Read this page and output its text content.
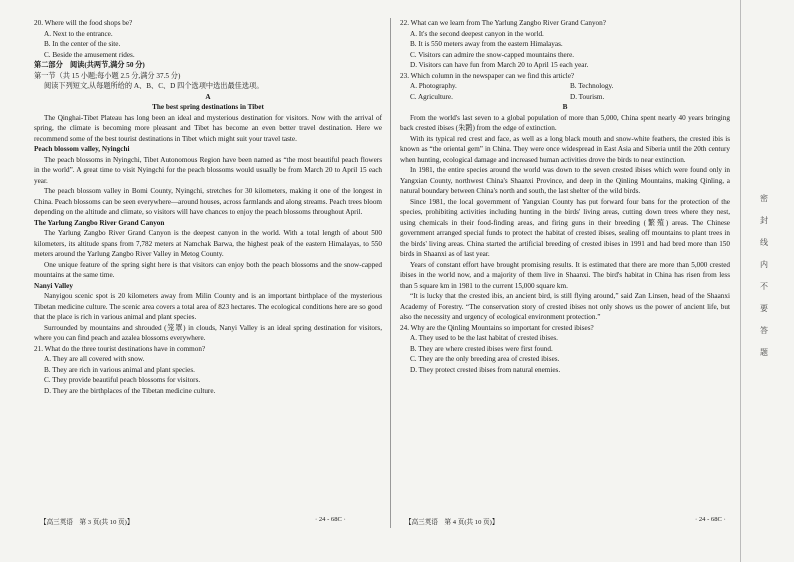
20. Where will the food shops be?

A. Next to the entrance.

B. In the center of the site.

C. Beside the amusement rides.

第二部分　阅读(共两节,满分 50 分)

第一节（共 15 小题;每小题 2.5 分,满分 37.5 分)

阅读下列短文,从每题所给的 A、B、C、D 四个选项中选出最佳选项。

A

The best spring destinations in Tibet

The Qinghai-Tibet Plateau has long been an ideal and mysterious destination for visitors. Now with the arrival of spring, the climate is becoming more pleasant and Tibet has become an even better travel destination. Here we recommend some of the best tourist destinations in Tibet which might suit your travel taste.

Peach blossom valley, Nyingchi

The peach blossoms in Nyingchi, Tibet Autonomous Region have been named as “the most beautiful peach flowers in the world”. A great time to visit Nyingchi for the peach blossoms would usually be from March 20 to April 15 each year.

The peach blossom valley in Bomi County, Nyingchi, stretches for 30 kilometers, making it one of the longest in China. Peach blossoms can be seen everywhere—around houses, across farmlands and along streams. Peach trees bloom depending on the altitude and climate, so visitors will have chances to enjoy the peach blossoms throughout April.

The Yarlung Zangbo River Grand Canyon

The Yarlung Zangbo River Grand Canyon is the deepest canyon in the world. With a total length of about 500 kilometers, its altitude spans from 7,782 meters at Namchak Barwa, the highest peak of the eastern Himalayas, to 550 meters around the Yarlung Zangbo River Valley in Metog County.

One unique feature of the spring sight here is that visitors can enjoy both the peach blossoms and the snow-capped mountains at the same time.

Nanyi Valley

Nanyigou scenic spot is 20 kilometers away from Milin County and is an important birthplace of the mysterious Tibetan medicine culture. The scenic area covers a total area of 823 hectares. The ecological conditions here are so good that the place is rich in various animal and plant species.

Surrounded by mountains and shrouded (笼罩) in clouds, Nanyi Valley is an ideal spring destination for visitors, where you can find peach and azalea blossoms everywhere.

21. What do the three tourist destinations have in common?

A. They are all covered with snow.

B. They are rich in various animal and plant species.

C. They provide beautiful peach blossoms for visitors.

D. They are the birthplaces of the Tibetan medicine culture.

22. What can we learn from The Yarlung Zangbo River Grand Canyon?

A. It's the second deepest canyon in the world.

B. It is 550 meters away from the eastern Himalayas.

C. Visitors can admire the snow-capped mountains there.

D. Visitors can have fun from March 20 to April 15 each year.

23. Which column in the newspaper can we find this article?

A. Photography.	B. Technology.
C. Agriculture.	D. Tourism.

B

From the world's last seven to a global population of more than 5,000, China spent nearly 40 years bringing back crested ibises (朱鹮) from the edge of extinction.

With its typical red crest and face, as well as a long black mouth and snow-white feathers, the crested ibis is known as “the oriental gem” in China. They were once widespread in East Asia and Siberia until the 20th century when hunting, ecological damage and increased human activities drove the birds to near extinction.

In 1981, the entire species around the world was down to the seven crested ibises which were found only in Yangxian County, northwest China's Shaanxi Province, and deep in the Qinling Mountains, making Qinling, a natural boundary between China's north and south, the last shelter of the wild birds.

Since 1981, the local government of Yangxian County has put forward four bans for the protection of the species, prohibiting activities including hunting in the birds' living areas, cutting down trees where they nest, using chemicals in their food-finding areas, and firing guns in their breeding (繁殖) areas. The Chinese government arranged special funds to protect the habitat of crested ibises, sealing off mountains to plant trees in the birds' living areas. China started the artificial breeding of crested ibises in 1991 and had bred more than 150 birds in Shaanxi as of last year.

Years of constant effort have brought promising results. It is estimated that there are more than 5,000 crested ibises in the world now, and a majority of them live in Shaanxi. The bird's habitat in China has risen from less than 5 square km in 1981 to the current 15,000 square km.

“It is lucky that the crested ibis, an ancient bird, is still flying around,” said Zan Linsen, head of the Shaanxi Academy of Forestry. “The conservation story of crested ibises not only shows us the power of ancient life, but also the necessity and urgency of ecological environment protection.”

24. Why are the Qinling Mountains so important for crested ibises?

A. They used to be the last habitat of crested ibises.

B. They are where crested ibises were first found.

C. They are the only breeding area of crested ibises.

D. They protect crested ibises from natural enemies.

【高三英语　第 3 页(共 10 页)】	· 24 - 68C ·	【高三英语　第 4 页(共 10 页)】	· 24 - 68C ·
密
封
线
内
不
要
答
题
